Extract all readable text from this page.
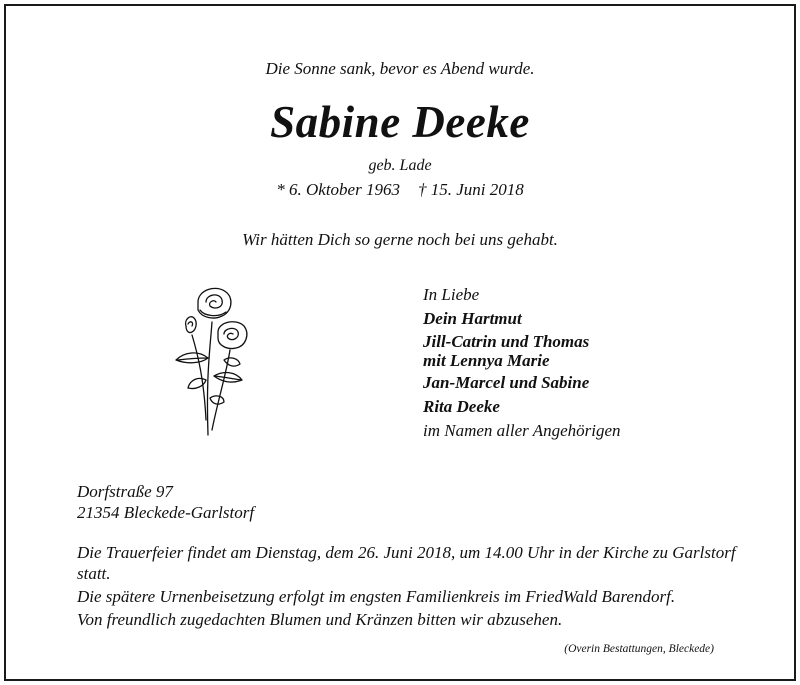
Die Sonne sank, bevor es Abend wurde.
Sabine Deeke
geb. Lade
* 6. Oktober 1963 † 15. Juni 2018
Wir hätten Dich so gerne noch bei uns gehabt.
In Liebe
Dein Hartmut
Jill-Catrin und Thomas
mit Lennya Marie
Jan-Marcel und Sabine
Rita Deeke
im Namen aller Angehörigen
Dorfstraße 97
21354 Bleckede-Garlstorf

Die Trauerfeier findet am Dienstag, dem 26. Juni 2018, um 14.00 Uhr in der Kirche zu Garlstorf statt.

Die spätere Urnenbeisetzung erfolgt im engsten Familienkreis im FriedWald Barendorf.

Von freundlich zugedachten Blumen und Kränzen bitten wir abzusehen.

(Overin Bestattungen, Bleckede)
